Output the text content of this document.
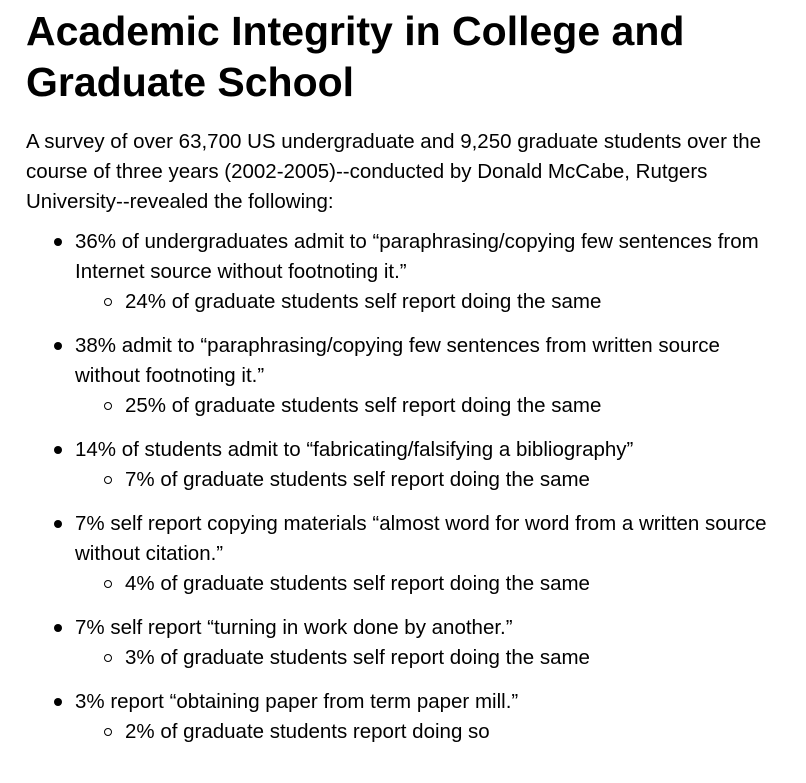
Academic Integrity in College and Graduate School

A survey of over 63,700 US undergraduate and 9,250 graduate students over the course of three years (2002-2005)--conducted by Donald McCabe, Rutgers University--revealed the following:

36% of undergraduates admit to “paraphrasing/copying few sentences from Internet source without footnoting it.”
24% of graduate students self report doing the same
38% admit to “paraphrasing/copying few sentences from written source without footnoting it.”
25% of graduate students self report doing the same
14% of students admit to “fabricating/falsifying a bibliography”
7% of graduate students self report doing the same
7% self report copying materials “almost word for word from a written source without citation.”
4% of graduate students self report doing the same
7% self report “turning in work done by another.”
3% of graduate students self report doing the same
3% report “obtaining paper from term paper mill.”
2% of graduate students report doing so
